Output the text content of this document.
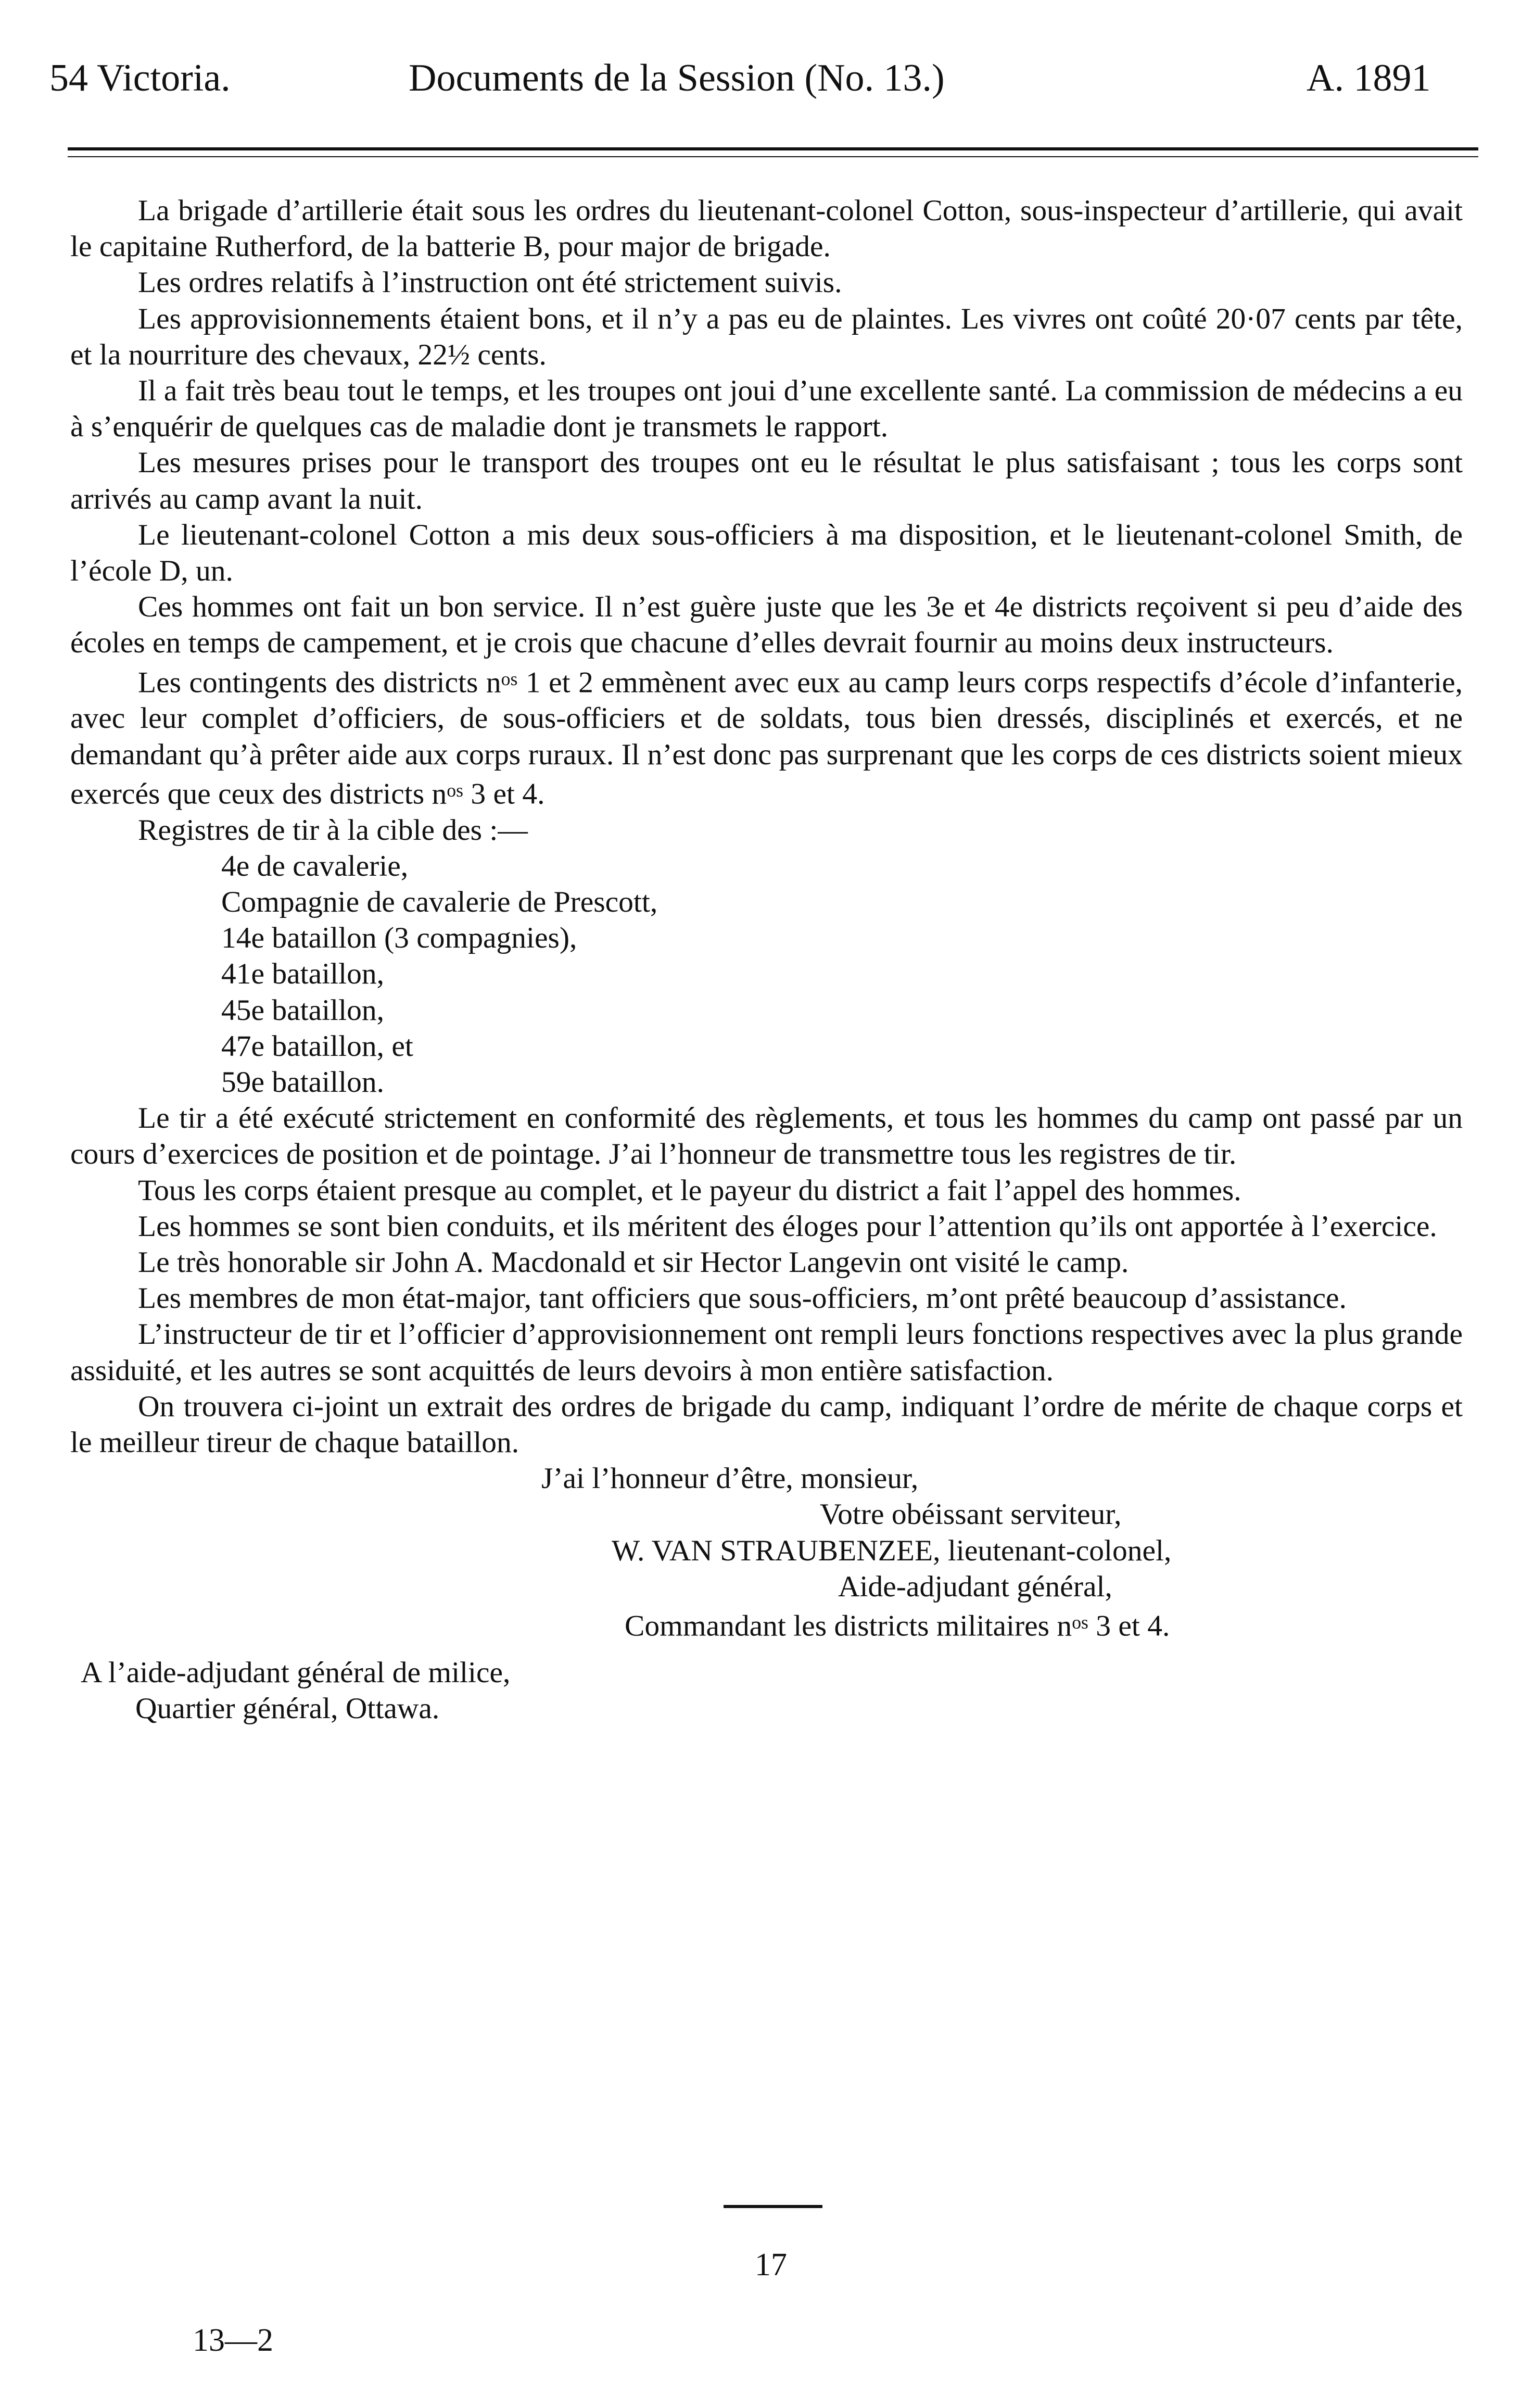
54 Victoria.	Documents de la Session (No. 13.)	A. 1891

La brigade d’artillerie était sous les ordres du lieutenant-colonel Cotton, sous-inspecteur d’artillerie, qui avait le capitaine Rutherford, de la batterie B, pour major de brigade.

Les ordres relatifs à l’instruction ont été strictement suivis.

Les approvisionnements étaient bons, et il n’y a pas eu de plaintes. Les vivres ont coûté 20·07 cents par tête, et la nourriture des chevaux, 22½ cents.

Il a fait très beau tout le temps, et les troupes ont joui d’une excellente santé. La commission de médecins a eu à s’enquérir de quelques cas de maladie dont je transmets le rapport.

Les mesures prises pour le transport des troupes ont eu le résultat le plus satisfaisant ; tous les corps sont arrivés au camp avant la nuit.

Le lieutenant-colonel Cotton a mis deux sous-officiers à ma disposition, et le lieutenant-colonel Smith, de l’école D, un.

Ces hommes ont fait un bon service. Il n’est guère juste que les 3e et 4e districts reçoivent si peu d’aide des écoles en temps de campement, et je crois que chacune d’elles devrait fournir au moins deux instructeurs.

Les contingents des districts $n^{os}$ 1 et 2 emmènent avec eux au camp leurs corps respectifs d’école d’infanterie, avec leur complet d’officiers, de sous-officiers et de soldats, tous bien dressés, disciplinés et exercés, et ne demandant qu’à prêter aide aux corps ruraux. Il n’est donc pas surprenant que les corps de ces districts soient mieux exercés que ceux des districts $n^{os}$ 3 et 4.

Registres de tir à la cible des :—

4e de cavalerie,
Compagnie de cavalerie de Prescott,
14e bataillon (3 compagnies),
41e bataillon,
45e bataillon,
47e bataillon, et
59e bataillon.

Le tir a été exécuté strictement en conformité des règlements, et tous les hommes du camp ont passé par un cours d’exercices de position et de pointage. J’ai l’honneur de transmettre tous les registres de tir.

Tous les corps étaient presque au complet, et le payeur du district a fait l’appel des hommes.

Les hommes se sont bien conduits, et ils méritent des éloges pour l’attention qu’ils ont apportée à l’exercice.

Le très honorable sir John A. Macdonald et sir Hector Langevin ont visité le camp.

Les membres de mon état-major, tant officiers que sous-officiers, m’ont prêté beaucoup d’assistance.

L’instructeur de tir et l’officier d’approvisionnement ont rempli leurs fonctions respectives avec la plus grande assiduité, et les autres se sont acquittés de leurs devoirs à mon entière satisfaction.

On trouvera ci-joint un extrait des ordres de brigade du camp, indiquant l’ordre de mérite de chaque corps et le meilleur tireur de chaque bataillon.

J’ai l’honneur d’être, monsieur,
Votre obéissant serviteur,
W. VAN STRAUBENZEE, lieutenant-colonel,
Aide-adjudant général,
Commandant les districts militaires $n^{os}$ 3 et 4.
A l’aide-adjudant général de milice,
Quartier général, Ottawa.
17
13—2
